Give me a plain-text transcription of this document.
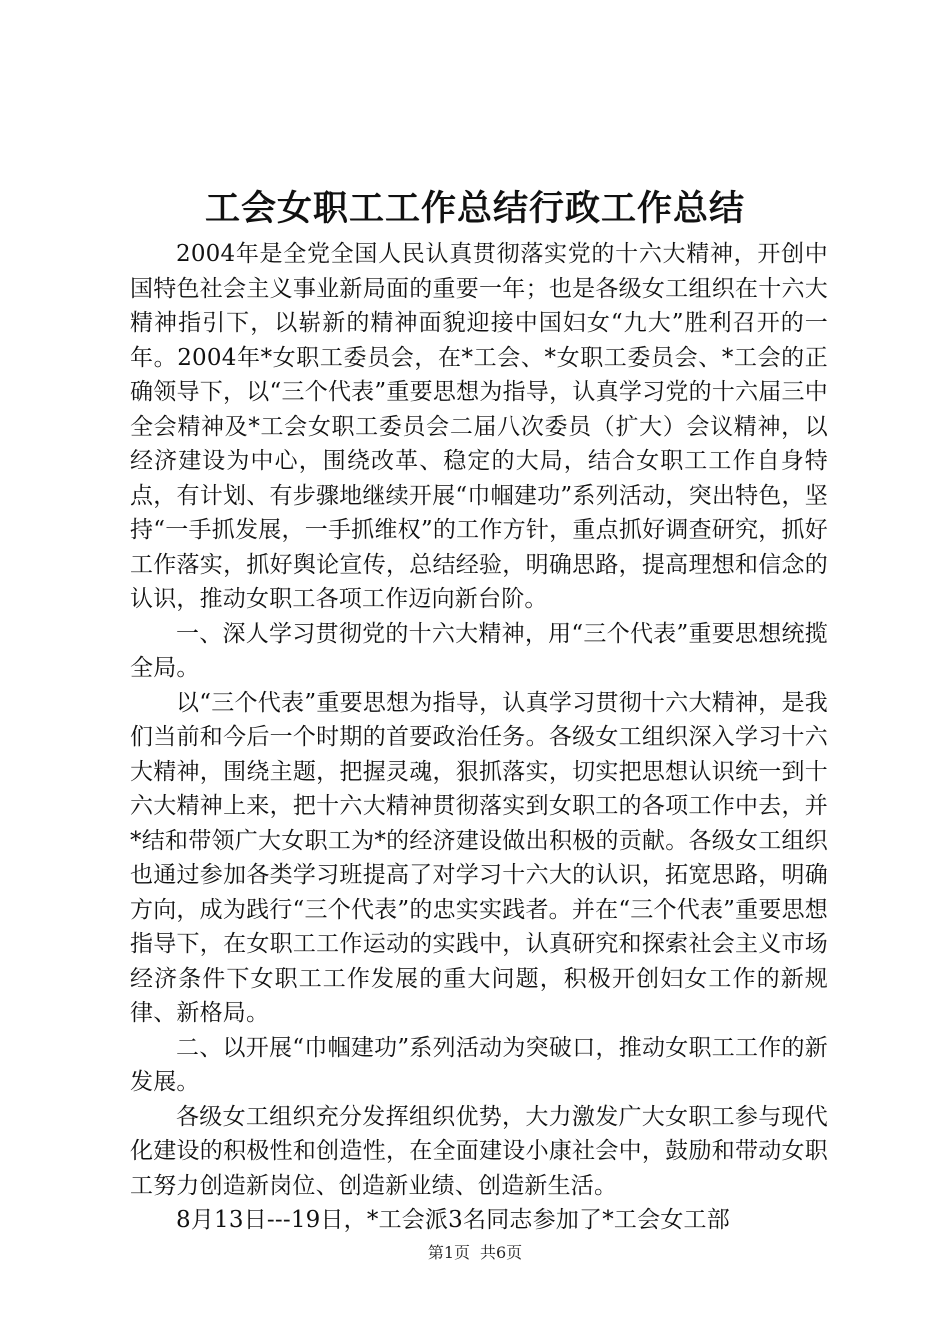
工会女职工工作总结行政工作总结

2004年是全党全国人民认真贯彻落实党的十六大精神，开创中国特色社会主义事业新局面的重要一年；也是各级女工组织在十六大精神指引下，以崭新的精神面貌迎接中国妇女“九大”胜利召开的一年。2004年*女职工委员会，在*工会、*女职工委员会、*工会的正确领导下，以“三个代表”重要思想为指导，认真学习党的十六届三中全会精神及*工会女职工委员会二届八次委员（扩大）会议精神，以经济建设为中心，围绕改革、稳定的大局，结合女职工工作自身特点，有计划、有步骤地继续开展“巾帼建功”系列活动，突出特色，坚持“一手抓发展，一手抓维权”的工作方针，重点抓好调查研究，抓好工作落实，抓好舆论宣传，总结经验，明确思路，提高理想和信念的认识，推动女职工各项工作迈向新台阶。

一、深人学习贯彻党的十六大精神，用“三个代表”重要思想统揽全局。

以“三个代表”重要思想为指导，认真学习贯彻十六大精神，是我们当前和今后一个时期的首要政治任务。各级女工组织深入学习十六大精神，围绕主题，把握灵魂，狠抓落实，切实把思想认识统一到十六大精神上来，把十六大精神贯彻落实到女职工的各项工作中去，并*结和带领广大女职工为*的经济建设做出积极的贡献。各级女工组织也通过参加各类学习班提高了对学习十六大的认识，拓宽思路，明确方向，成为践行“三个代表”的忠实实践者。并在“三个代表”重要思想指导下，在女职工工作运动的实践中，认真研究和探索社会主义市场经济条件下女职工工作发展的重大问题，积极开创妇女工作的新规律、新格局。

二、以开展“巾帼建功”系列活动为突破口，推动女职工工作的新发展。

各级女工组织充分发挥组织优势，大力激发广大女职工参与现代化建设的积极性和创造性，在全面建设小康社会中，鼓励和带动女职工努力创造新岗位、创造新业绩、创造新生活。

8月13日---19日，*工会派3名同志参加了*工会女工部

第1页 共6页
